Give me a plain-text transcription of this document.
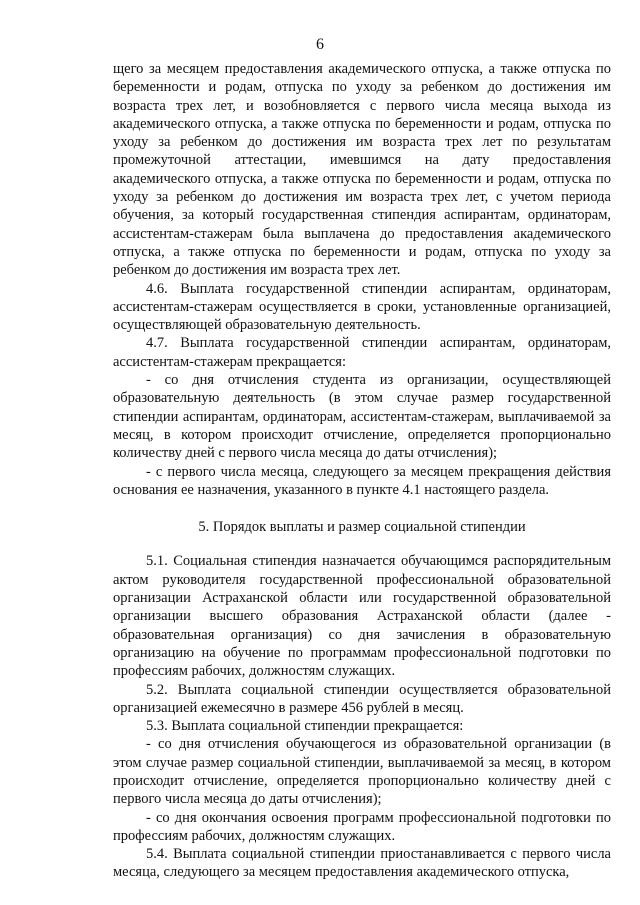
6

щего за месяцем предоставления академического отпуска, а также отпуска по беременности и родам, отпуска по уходу за ребенком до достижения им возраста трех лет, и возобновляется с первого числа месяца выхода из академического отпуска, а также отпуска по беременности и родам, отпуска по уходу за ребенком до достижения им возраста трех лет по результатам промежуточной аттестации, имевшимся на дату предоставления академического отпуска, а также отпуска по беременности и родам, отпуска по уходу за ребенком до достижения им возраста трех лет, с учетом периода обучения, за который государственная стипендия аспирантам, ординаторам, ассистентам-стажерам была выплачена до предоставления академического отпуска, а также отпуска по беременности и родам, отпуска по уходу за ребенком до достижения им возраста трех лет.

4.6. Выплата государственной стипендии аспирантам, ординаторам, ассистентам-стажерам осуществляется в сроки, установленные организацией, осуществляющей образовательную деятельность.

4.7. Выплата государственной стипендии аспирантам, ординаторам, ассистентам-стажерам прекращается:

- со дня отчисления студента из организации, осуществляющей образовательную деятельность (в этом случае размер государственной стипендии аспирантам, ординаторам, ассистентам-стажерам, выплачиваемой за месяц, в котором происходит отчисление, определяется пропорционально количеству дней с первого числа месяца до даты отчисления);

- с первого числа месяца, следующего за месяцем прекращения действия основания ее назначения, указанного в пункте 4.1 настоящего раздела.

5. Порядок выплаты и размер социальной стипендии

5.1. Социальная стипендия назначается обучающимся распорядительным актом руководителя государственной профессиональной образовательной организации Астраханской области или государственной образовательной организации высшего образования Астраханской области (далее - образовательная организация) со дня зачисления в образовательную организацию на обучение по программам профессиональной подготовки по профессиям рабочих, должностям служащих.

5.2. Выплата социальной стипендии осуществляется образовательной организацией ежемесячно в размере 456 рублей в месяц.

5.3. Выплата социальной стипендии прекращается:

- со дня отчисления обучающегося из образовательной организации (в этом случае размер социальной стипендии, выплачиваемой за месяц, в котором происходит отчисление, определяется пропорционально количеству дней с первого числа месяца до даты отчисления);

- со дня окончания освоения программ профессиональной подготовки по профессиям рабочих, должностям служащих.

5.4. Выплата социальной стипендии приостанавливается с первого числа месяца, следующего за месяцем предоставления академического отпуска,
